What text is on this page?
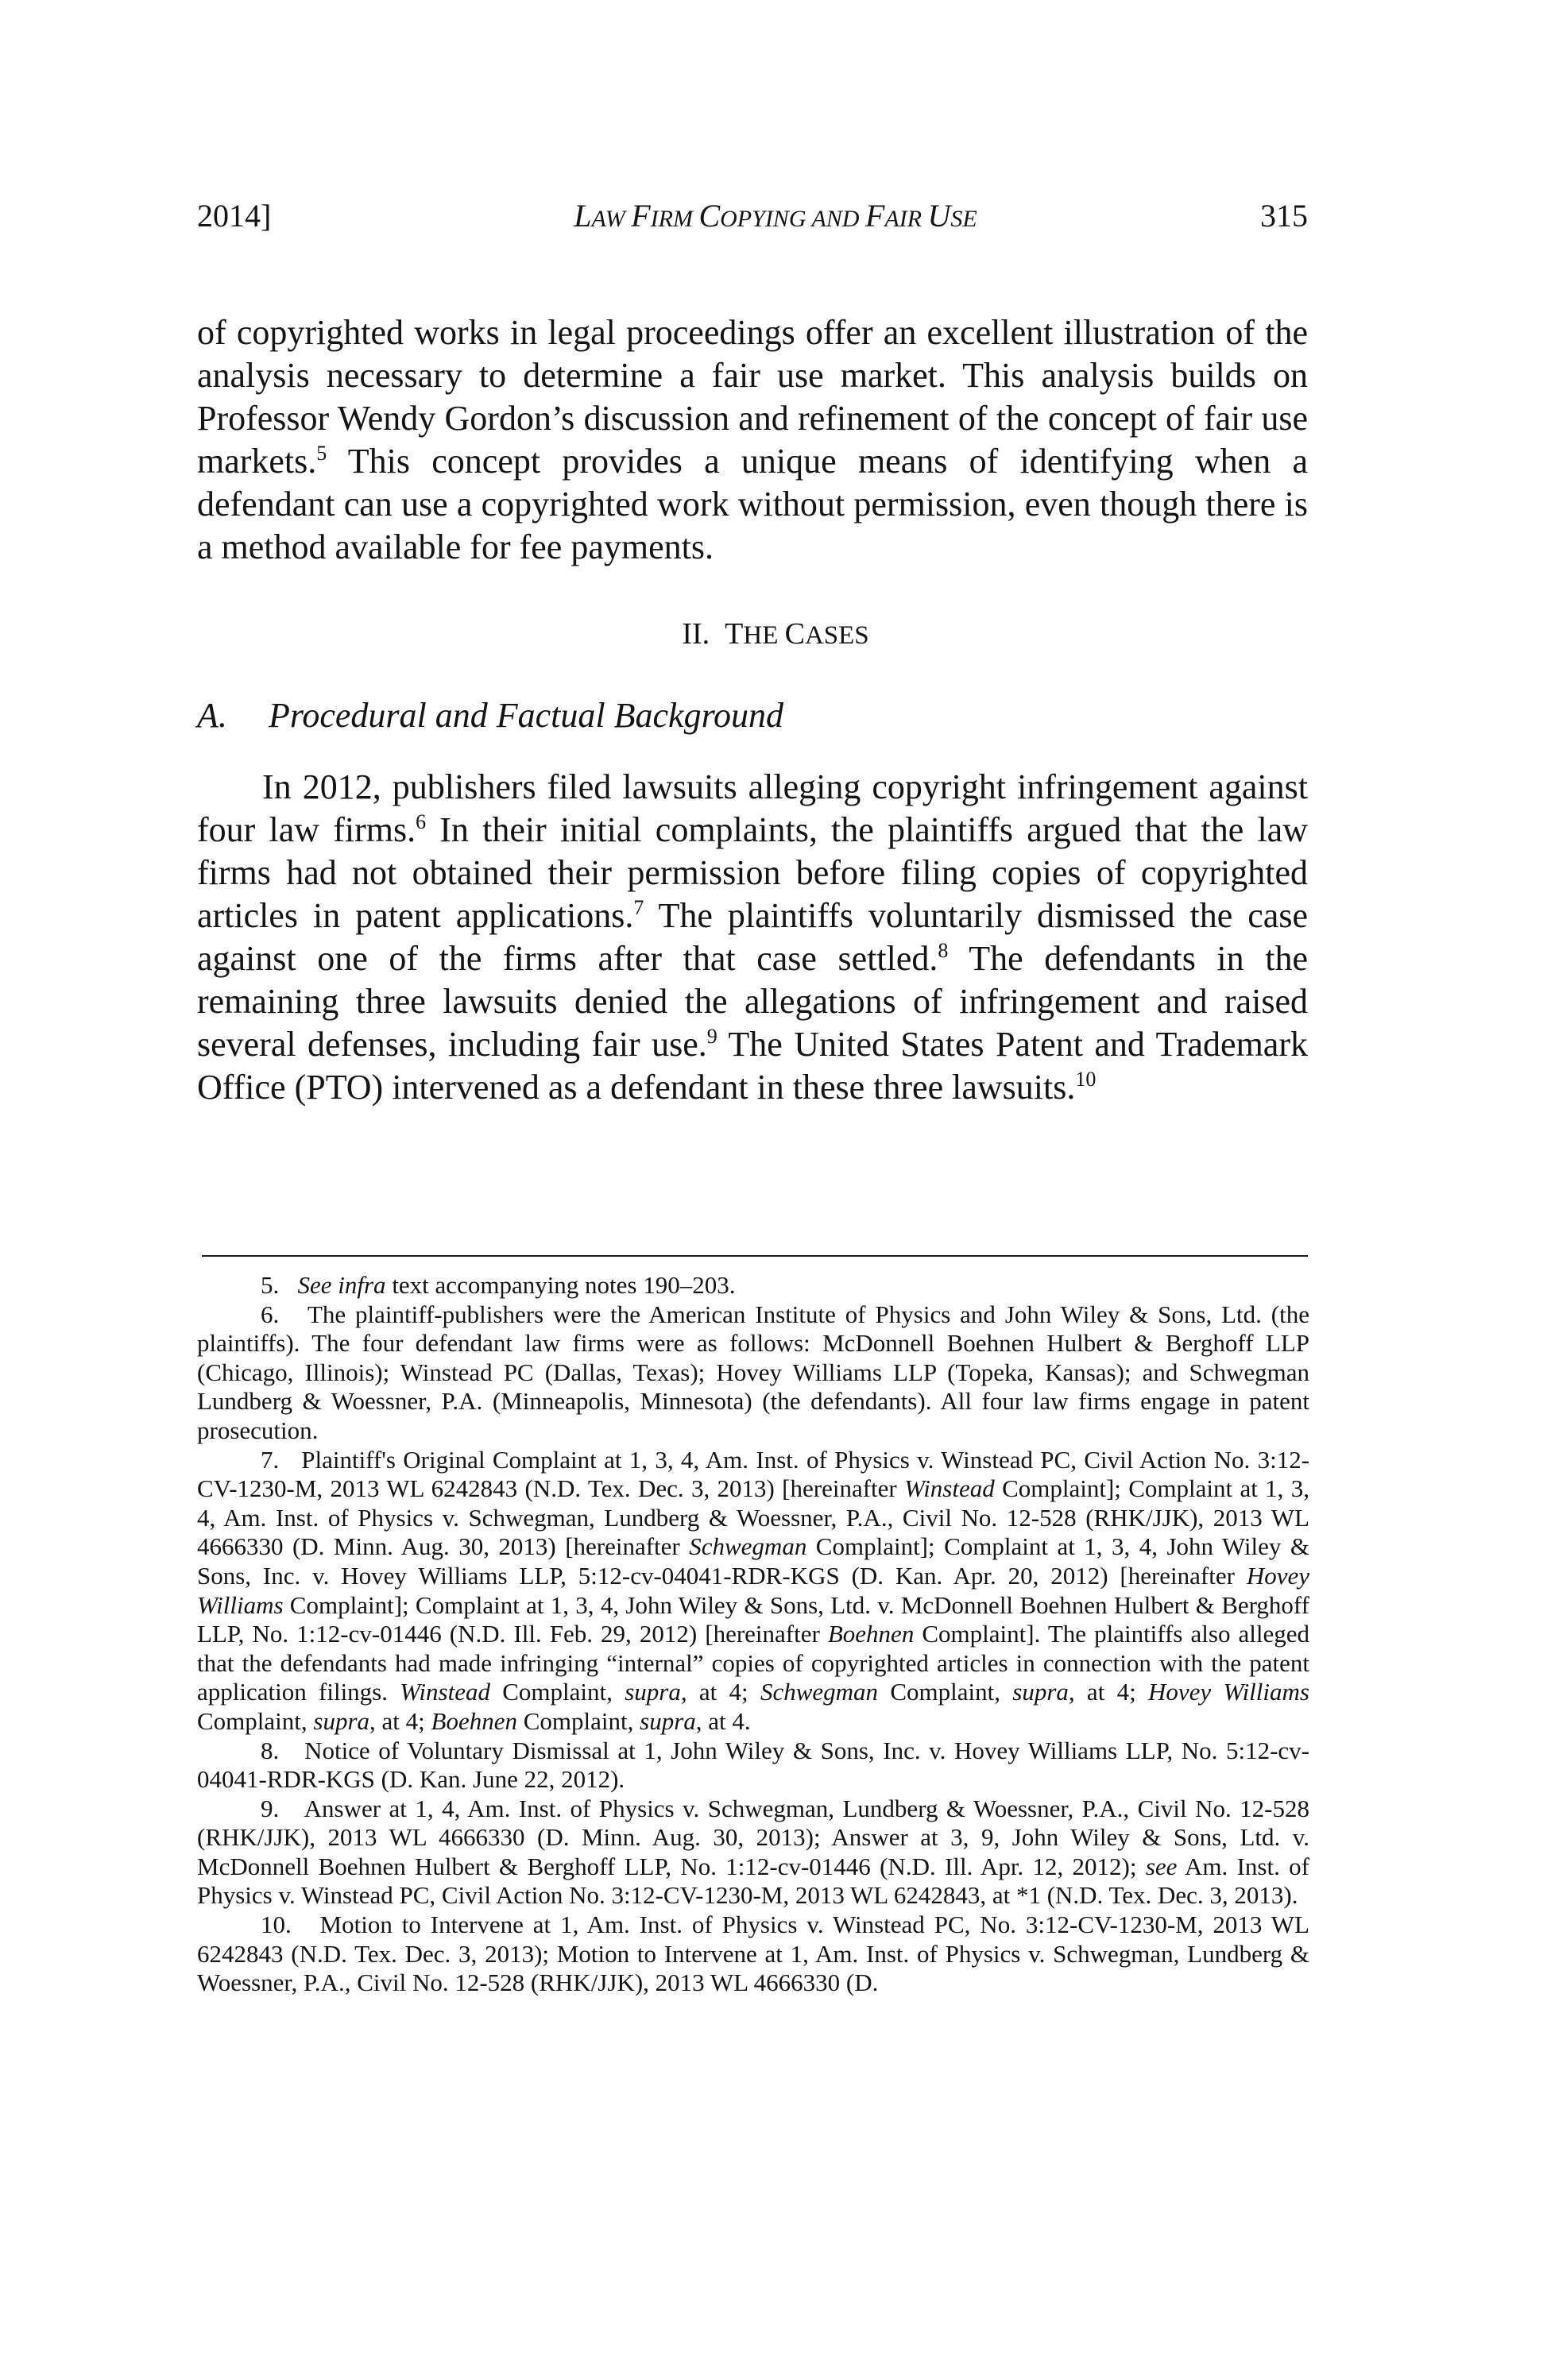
2014]	LAW FIRM COPYING AND FAIR USE	315
of copyrighted works in legal proceedings offer an excellent illustration of the analysis necessary to determine a fair use market. This analysis builds on Professor Wendy Gordon’s discussion and refinement of the concept of fair use markets.$^5$ This concept provides a unique means of identifying when a defendant can use a copyrighted work without permission, even though there is a method available for fee payments.
II. THE CASES
A. Procedural and Factual Background
In 2012, publishers filed lawsuits alleging copyright infringement against four law firms.$^6$ In their initial complaints, the plaintiffs argued that the law firms had not obtained their permission before filing copies of copyrighted articles in patent applications.$^7$ The plaintiffs voluntarily dismissed the case against one of the firms after that case settled.$^8$ The defendants in the remaining three lawsuits denied the allegations of infringement and raised several defenses, including fair use.$^9$ The United States Patent and Trademark Office (PTO) intervened as a defendant in these three lawsuits.$^{10}$
5. See infra text accompanying notes 190–203.
6. The plaintiff-publishers were the American Institute of Physics and John Wiley & Sons, Ltd. (the plaintiffs). The four defendant law firms were as follows: McDonnell Boehnen Hulbert & Berghoff LLP (Chicago, Illinois); Winstead PC (Dallas, Texas); Hovey Williams LLP (Topeka, Kansas); and Schwegman Lundberg & Woessner, P.A. (Minneapolis, Minnesota) (the defendants). All four law firms engage in patent prosecution.
7. Plaintiff's Original Complaint at 1, 3, 4, Am. Inst. of Physics v. Winstead PC, Civil Action No. 3:12-CV-1230-M, 2013 WL 6242843 (N.D. Tex. Dec. 3, 2013) [hereinafter Winstead Complaint]; Complaint at 1, 3, 4, Am. Inst. of Physics v. Schwegman, Lundberg & Woessner, P.A., Civil No. 12-528 (RHK/JJK), 2013 WL 4666330 (D. Minn. Aug. 30, 2013) [hereinafter Schwegman Complaint]; Complaint at 1, 3, 4, John Wiley & Sons, Inc. v. Hovey Williams LLP, 5:12-cv-04041-RDR-KGS (D. Kan. Apr. 20, 2012) [hereinafter Hovey Williams Complaint]; Complaint at 1, 3, 4, John Wiley & Sons, Ltd. v. McDonnell Boehnen Hulbert & Berghoff LLP, No. 1:12-cv-01446 (N.D. Ill. Feb. 29, 2012) [hereinafter Boehnen Complaint]. The plaintiffs also alleged that the defendants had made infringing “internal” copies of copyrighted articles in connection with the patent application filings. Winstead Complaint, supra, at 4; Schwegman Complaint, supra, at 4; Hovey Williams Complaint, supra, at 4; Boehnen Complaint, supra, at 4.
8. Notice of Voluntary Dismissal at 1, John Wiley & Sons, Inc. v. Hovey Williams LLP, No. 5:12-cv-04041-RDR-KGS (D. Kan. June 22, 2012).
9. Answer at 1, 4, Am. Inst. of Physics v. Schwegman, Lundberg & Woessner, P.A., Civil No. 12-528 (RHK/JJK), 2013 WL 4666330 (D. Minn. Aug. 30, 2013); Answer at 3, 9, John Wiley & Sons, Ltd. v. McDonnell Boehnen Hulbert & Berghoff LLP, No. 1:12-cv-01446 (N.D. Ill. Apr. 12, 2012); see Am. Inst. of Physics v. Winstead PC, Civil Action No. 3:12-CV-1230-M, 2013 WL 6242843, at *1 (N.D. Tex. Dec. 3, 2013).
10. Motion to Intervene at 1, Am. Inst. of Physics v. Winstead PC, No. 3:12-CV-1230-M, 2013 WL 6242843 (N.D. Tex. Dec. 3, 2013); Motion to Intervene at 1, Am. Inst. of Physics v. Schwegman, Lundberg & Woessner, P.A., Civil No. 12-528 (RHK/JJK), 2013 WL 4666330 (D.
